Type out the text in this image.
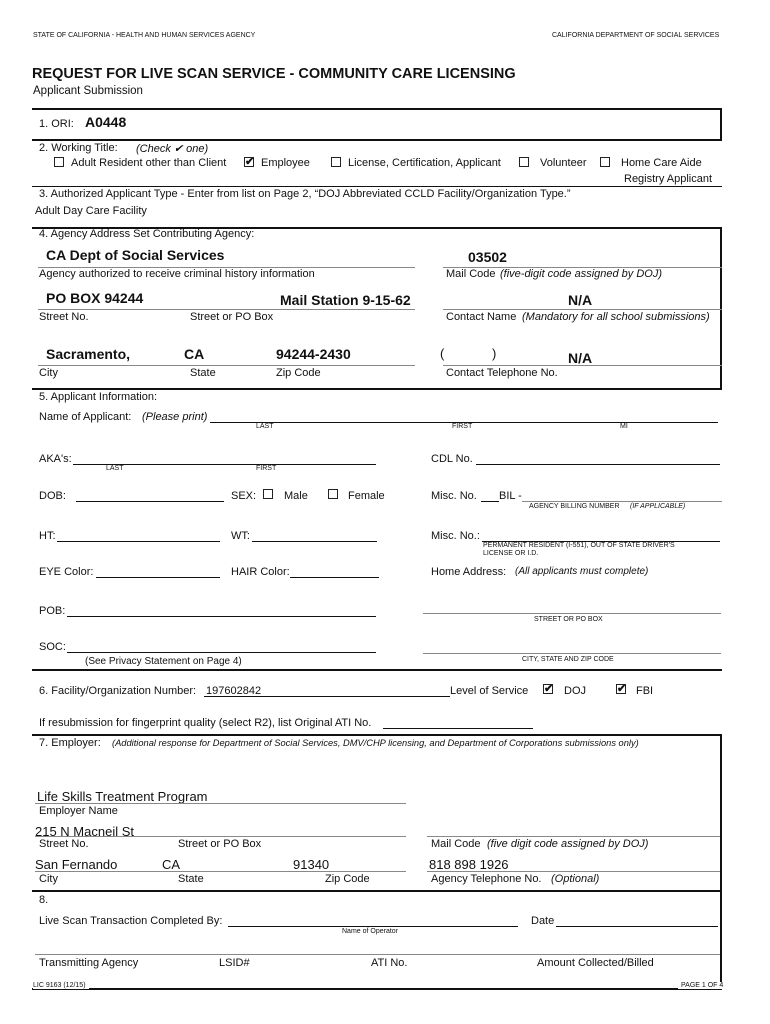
STATE OF CALIFORNIA - HEALTH AND HUMAN SERVICES AGENCY	CALIFORNIA DEPARTMENT OF SOCIAL SERVICES
REQUEST FOR LIVE SCAN SERVICE - COMMUNITY CARE LICENSING
Applicant Submission
1. ORI: A0448
2. Working Title: (Check ✔ one)
Adult Resident other than Client ✔ Employee	License, Certification, Applicant	Volunteer	Home Care Aide
Registry Applicant
3. Authorized Applicant Type - Enter from list on Page 2, “DOJ Abbreviated CCLD Facility/Organization Type.”
Adult Day Care Facility
4. Agency Address Set Contributing Agency:
CA Dept of Social Services
Agency authorized to receive criminal history information
03502
Mail Code (five-digit code assigned by DOJ)
PO BOX 94244	Mail Station 9-15-62
Street No.	Street or PO Box
N/A
Contact Name (Mandatory for all school submissions)
Sacramento,	CA	94244-2430
City	State	Zip Code
(	)	N/A
Contact Telephone No.
5. Applicant Information:
Name of Applicant: (Please print)
LAST	FIRST	MI
AKA's:
LAST	FIRST
CDL No.
DOB:	SEX:	Male	Female	Misc. No. BIL -
AGENCY BILLING NUMBER (IF APPLICABLE)
HT:	WT:	Misc. No.:
PERMANENT RESIDENT (I-551), OUT OF STATE DRIVER'S
LICENSE OR I.D.
EYE Color:	HAIR Color:	Home Address: (All applicants must complete)
POB:
STREET OR PO BOX
SOC:
(See Privacy Statement on Page 4)	CITY, STATE AND ZIP CODE
6. Facility/Organization Number: 197602842	Level of Service ✔ DOJ	✔ FBI
If resubmission for fingerprint quality (select R2), list Original ATI No.
7. Employer: (Additional response for Department of Social Services, DMV/CHP licensing, and Department of Corporations submissions only)
Life Skills Treatment Program
Employer Name
215 N Macneil St
Street No.	Street or PO Box	Mail Code (five digit code assigned by DOJ)
San Fernando	CA	91340
City	State	Zip Code
818 898 1926
Agency Telephone No. (Optional)
8.
Live Scan Transaction Completed By:
Name of Operator
Date
Transmitting Agency	LSID#	ATI No.	Amount Collected/Billed
LIC 9163 (12/15)	PAGE 1 OF 4
